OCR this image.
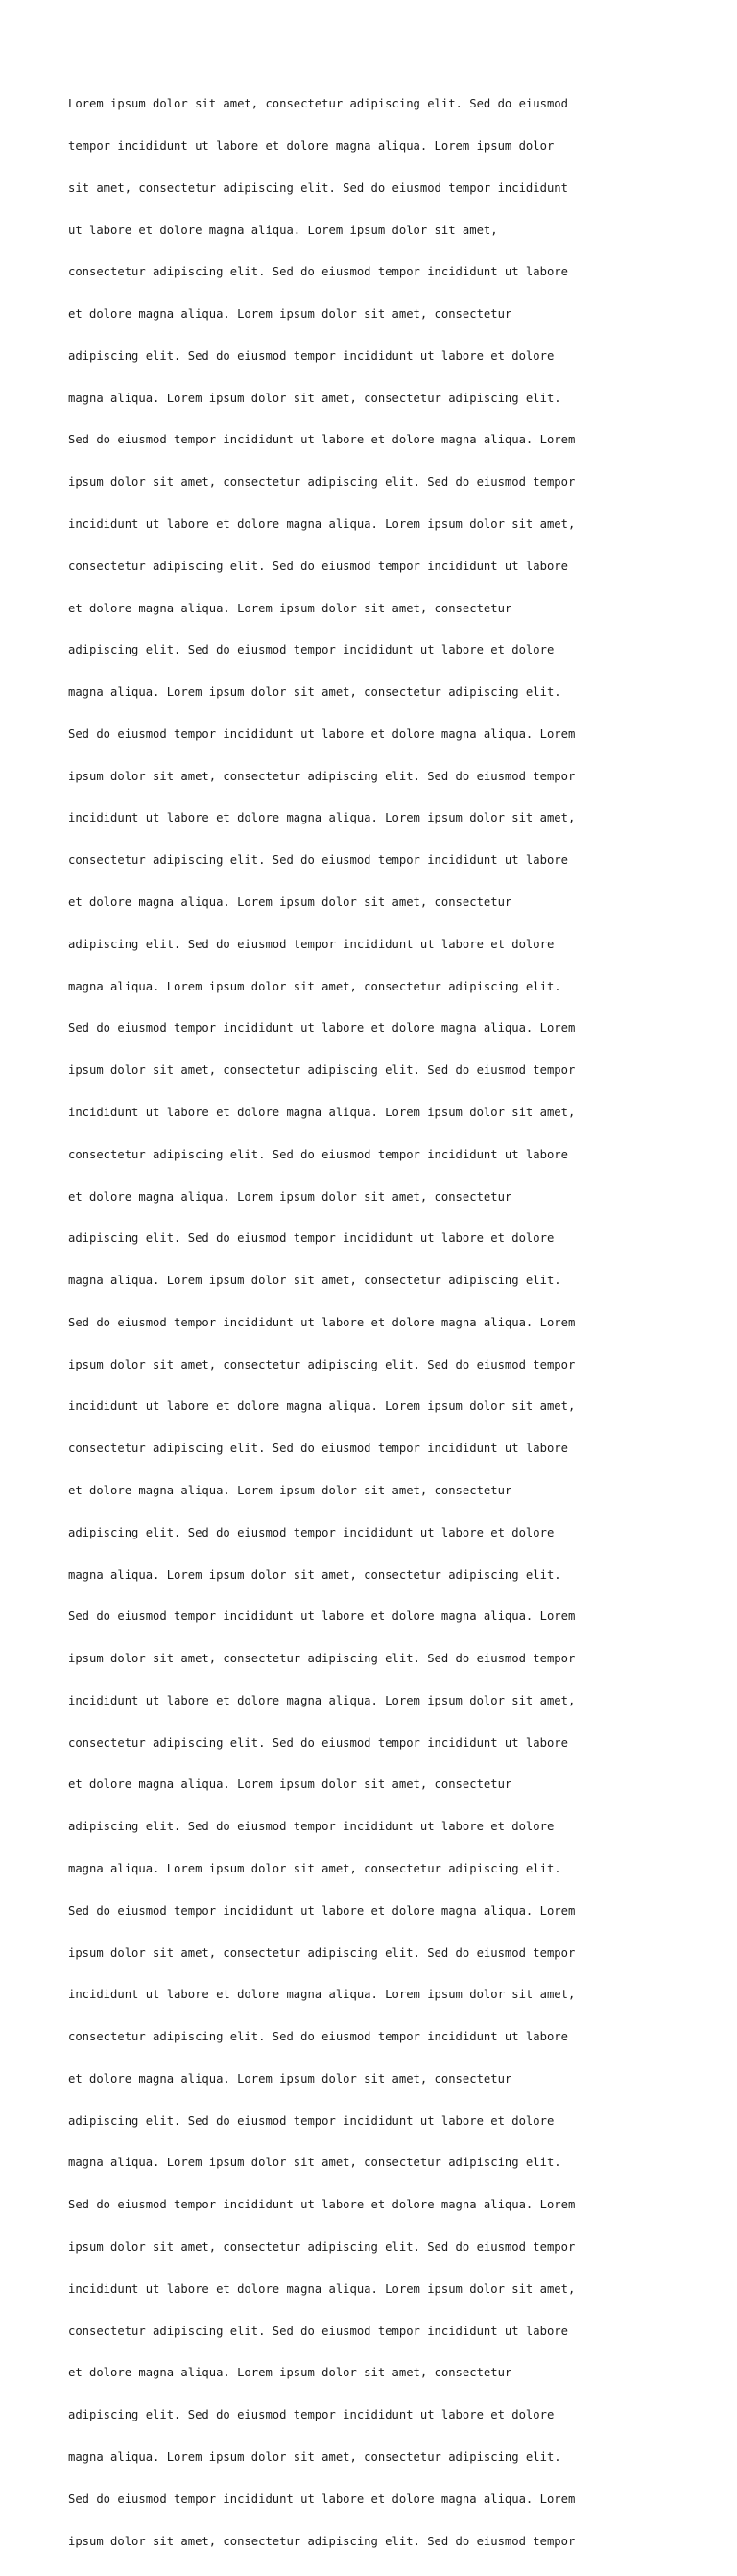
Lorem ipsum dolor sit amet, consectetur adipiscing elit. Sed do eiusmod

tempor incididunt ut labore et dolore magna aliqua. Lorem ipsum dolor

sit amet, consectetur adipiscing elit. Sed do eiusmod tempor incididunt

ut labore et dolore magna aliqua. Lorem ipsum dolor sit amet,

consectetur adipiscing elit. Sed do eiusmod tempor incididunt ut labore

et dolore magna aliqua. Lorem ipsum dolor sit amet, consectetur

adipiscing elit. Sed do eiusmod tempor incididunt ut labore et dolore

magna aliqua. Lorem ipsum dolor sit amet, consectetur adipiscing elit.

Sed do eiusmod tempor incididunt ut labore et dolore magna aliqua. Lorem

ipsum dolor sit amet, consectetur adipiscing elit. Sed do eiusmod tempor

incididunt ut labore et dolore magna aliqua. Lorem ipsum dolor sit amet,

consectetur adipiscing elit. Sed do eiusmod tempor incididunt ut labore

et dolore magna aliqua. Lorem ipsum dolor sit amet, consectetur

adipiscing elit. Sed do eiusmod tempor incididunt ut labore et dolore

magna aliqua. Lorem ipsum dolor sit amet, consectetur adipiscing elit.

Sed do eiusmod tempor incididunt ut labore et dolore magna aliqua. Lorem

ipsum dolor sit amet, consectetur adipiscing elit. Sed do eiusmod tempor

incididunt ut labore et dolore magna aliqua. Lorem ipsum dolor sit amet,

consectetur adipiscing elit. Sed do eiusmod tempor incididunt ut labore

et dolore magna aliqua. Lorem ipsum dolor sit amet, consectetur

adipiscing elit. Sed do eiusmod tempor incididunt ut labore et dolore

magna aliqua. Lorem ipsum dolor sit amet, consectetur adipiscing elit.

Sed do eiusmod tempor incididunt ut labore et dolore magna aliqua. Lorem

ipsum dolor sit amet, consectetur adipiscing elit. Sed do eiusmod tempor

incididunt ut labore et dolore magna aliqua. Lorem ipsum dolor sit amet,

consectetur adipiscing elit. Sed do eiusmod tempor incididunt ut labore

et dolore magna aliqua. Lorem ipsum dolor sit amet, consectetur

adipiscing elit. Sed do eiusmod tempor incididunt ut labore et dolore

magna aliqua. Lorem ipsum dolor sit amet, consectetur adipiscing elit.

Sed do eiusmod tempor incididunt ut labore et dolore magna aliqua. Lorem

ipsum dolor sit amet, consectetur adipiscing elit. Sed do eiusmod tempor

incididunt ut labore et dolore magna aliqua. Lorem ipsum dolor sit amet,

consectetur adipiscing elit. Sed do eiusmod tempor incididunt ut labore

et dolore magna aliqua. Lorem ipsum dolor sit amet, consectetur

adipiscing elit. Sed do eiusmod tempor incididunt ut labore et dolore

magna aliqua. Lorem ipsum dolor sit amet, consectetur adipiscing elit.

Sed do eiusmod tempor incididunt ut labore et dolore magna aliqua. Lorem

ipsum dolor sit amet, consectetur adipiscing elit. Sed do eiusmod tempor

incididunt ut labore et dolore magna aliqua. Lorem ipsum dolor sit amet,

consectetur adipiscing elit. Sed do eiusmod tempor incididunt ut labore

et dolore magna aliqua. Lorem ipsum dolor sit amet, consectetur

adipiscing elit. Sed do eiusmod tempor incididunt ut labore et dolore

magna aliqua. Lorem ipsum dolor sit amet, consectetur adipiscing elit.

Sed do eiusmod tempor incididunt ut labore et dolore magna aliqua. Lorem

ipsum dolor sit amet, consectetur adipiscing elit. Sed do eiusmod tempor

incididunt ut labore et dolore magna aliqua. Lorem ipsum dolor sit amet,

consectetur adipiscing elit. Sed do eiusmod tempor incididunt ut labore

et dolore magna aliqua. Lorem ipsum dolor sit amet, consectetur

adipiscing elit. Sed do eiusmod tempor incididunt ut labore et dolore

magna aliqua. Lorem ipsum dolor sit amet, consectetur adipiscing elit.

Sed do eiusmod tempor incididunt ut labore et dolore magna aliqua. Lorem

ipsum dolor sit amet, consectetur adipiscing elit. Sed do eiusmod tempor

incididunt ut labore et dolore magna aliqua. Lorem ipsum dolor sit amet,

consectetur adipiscing elit. Sed do eiusmod tempor incididunt ut labore

et dolore magna aliqua. Lorem ipsum dolor sit amet, consectetur

adipiscing elit. Sed do eiusmod tempor incididunt ut labore et dolore

magna aliqua. Lorem ipsum dolor sit amet, consectetur adipiscing elit.

Sed do eiusmod tempor incididunt ut labore et dolore magna aliqua. Lorem

ipsum dolor sit amet, consectetur adipiscing elit. Sed do eiusmod tempor
